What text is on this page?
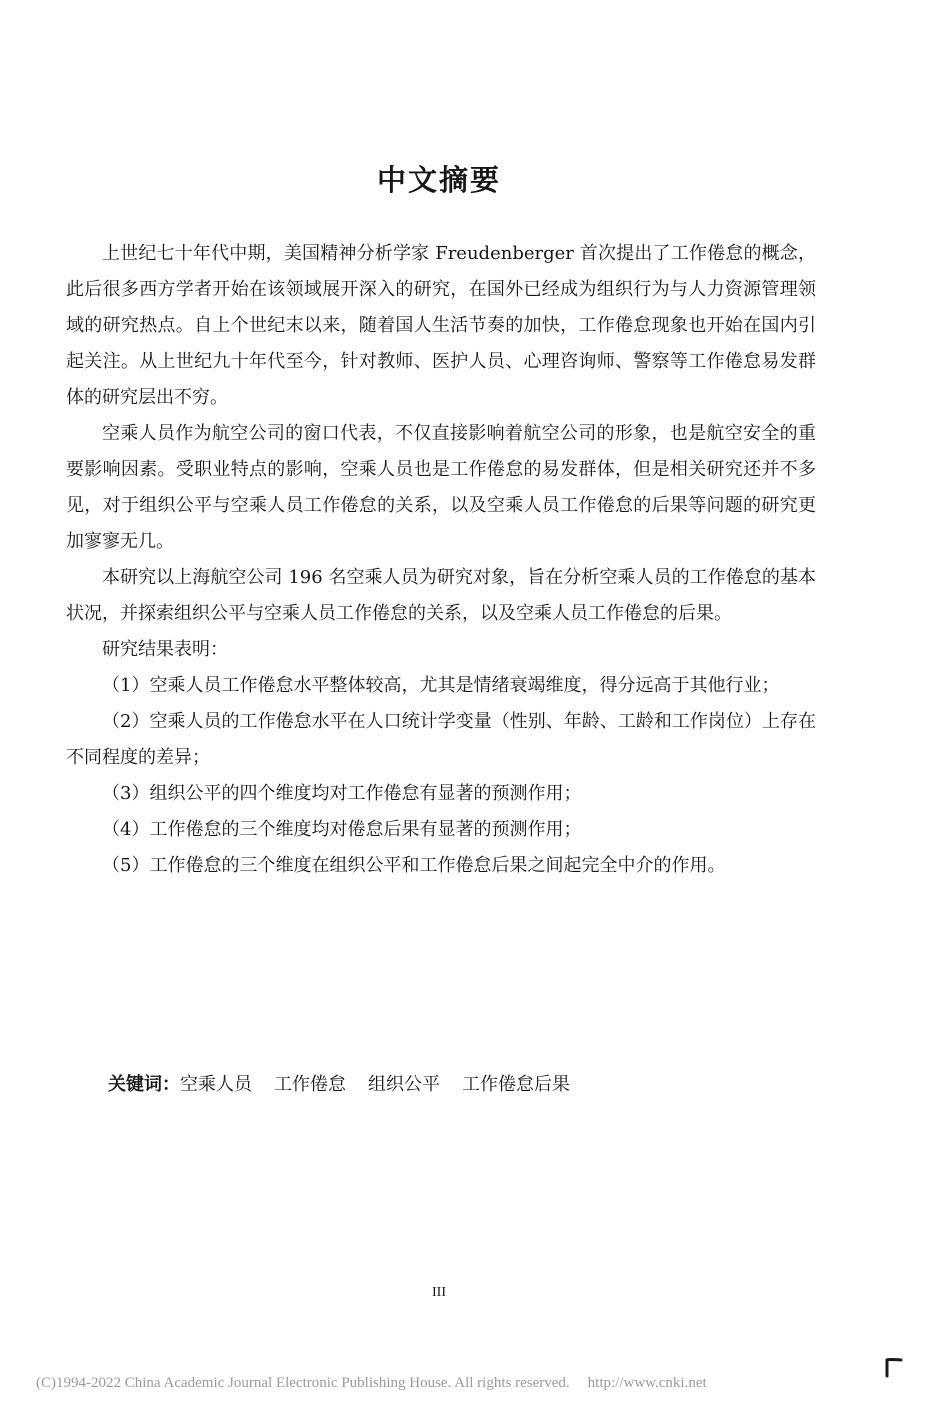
中文摘要

上世纪七十年代中期，美国精神分析学家 Freudenberger 首次提出了工作倦怠的概念，此后很多西方学者开始在该领域展开深入的研究，在国外已经成为组织行为与人力资源管理领域的研究热点。自上个世纪末以来，随着国人生活节奏的加快，工作倦怠现象也开始在国内引起关注。从上世纪九十年代至今，针对教师、医护人员、心理咨询师、警察等工作倦怠易发群体的研究层出不穷。

空乘人员作为航空公司的窗口代表，不仅直接影响着航空公司的形象，也是航空安全的重要影响因素。受职业特点的影响，空乘人员也是工作倦怠的易发群体，但是相关研究还并不多见，对于组织公平与空乘人员工作倦怠的关系，以及空乘人员工作倦怠的后果等问题的研究更加寥寥无几。

本研究以上海航空公司 196 名空乘人员为研究对象，旨在分析空乘人员的工作倦怠的基本状况，并探索组织公平与空乘人员工作倦怠的关系，以及空乘人员工作倦怠的后果。

研究结果表明：

（1）空乘人员工作倦怠水平整体较高，尤其是情绪衰竭维度，得分远高于其他行业；

（2）空乘人员的工作倦怠水平在人口统计学变量（性别、年龄、工龄和工作岗位）上存在不同程度的差异；

（3）组织公平的四个维度均对工作倦怠有显著的预测作用；

（4）工作倦怠的三个维度均对倦怠后果有显著的预测作用；

（5）工作倦怠的三个维度在组织公平和工作倦怠后果之间起完全中介的作用。

关键词：空乘人员 工作倦怠 组织公平 工作倦怠后果
III
(C)1994-2022 China Academic Journal Electronic Publishing House. All rights reserved. http://www.cnki.net
